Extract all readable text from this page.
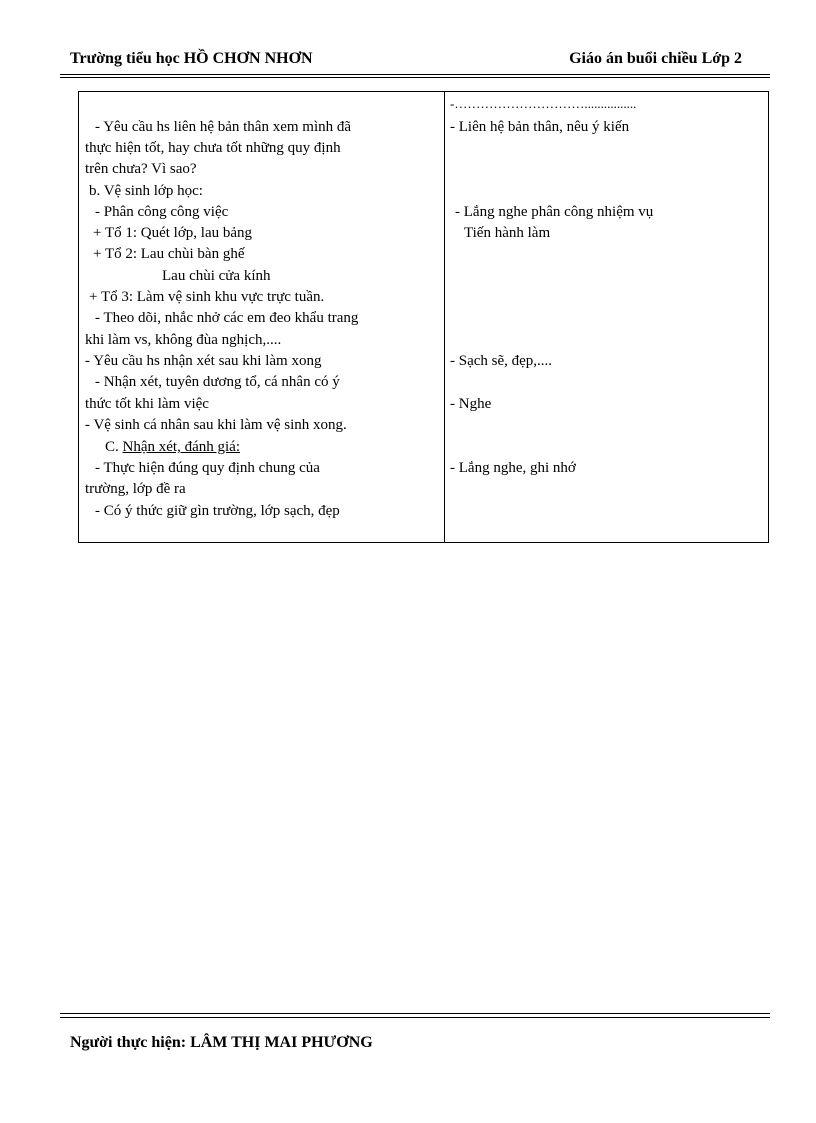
Trường tiểu học HỒ CHƠN NHƠN	Giáo án buổi chiều Lớp 2
- Yêu cầu hs liên hệ bản thân xem mình đã
thực hiện tốt, hay chưa tốt những quy định
trên chưa? Vì sao?
b. Vệ sinh lớp học:
- Phân công công việc
+ Tổ 1: Quét lớp, lau bảng
+ Tổ 2: Lau chùi bàn ghế
Lau chùi cửa kính
+ Tổ 3: Làm vệ sinh khu vực trực tuần.
- Theo dõi, nhắc nhở các em đeo khẩu trang
khi làm vs, không đùa nghịch,....
- Yêu cầu hs nhận xét sau khi làm xong
- Nhận xét, tuyên dương tổ, cá nhân có ý
thức tốt khi làm việc
- Vệ sinh cá nhân sau khi làm vệ sinh xong.
C. Nhận xét, đánh giá:
- Thực hiện đúng quy định chung của
trường, lớp đề ra
- Có ý thức giữ gìn trường, lớp sạch, đẹp
-…………………………................
- Liên hệ bản thân, nêu ý kiến
- Lắng nghe phân công nhiệm vụ
Tiến hành làm
- Sạch sẽ, đẹp,....
- Nghe
- Lắng nghe, ghi nhớ
Người thực hiện: LÂM THỊ MAI PHƯƠNG
